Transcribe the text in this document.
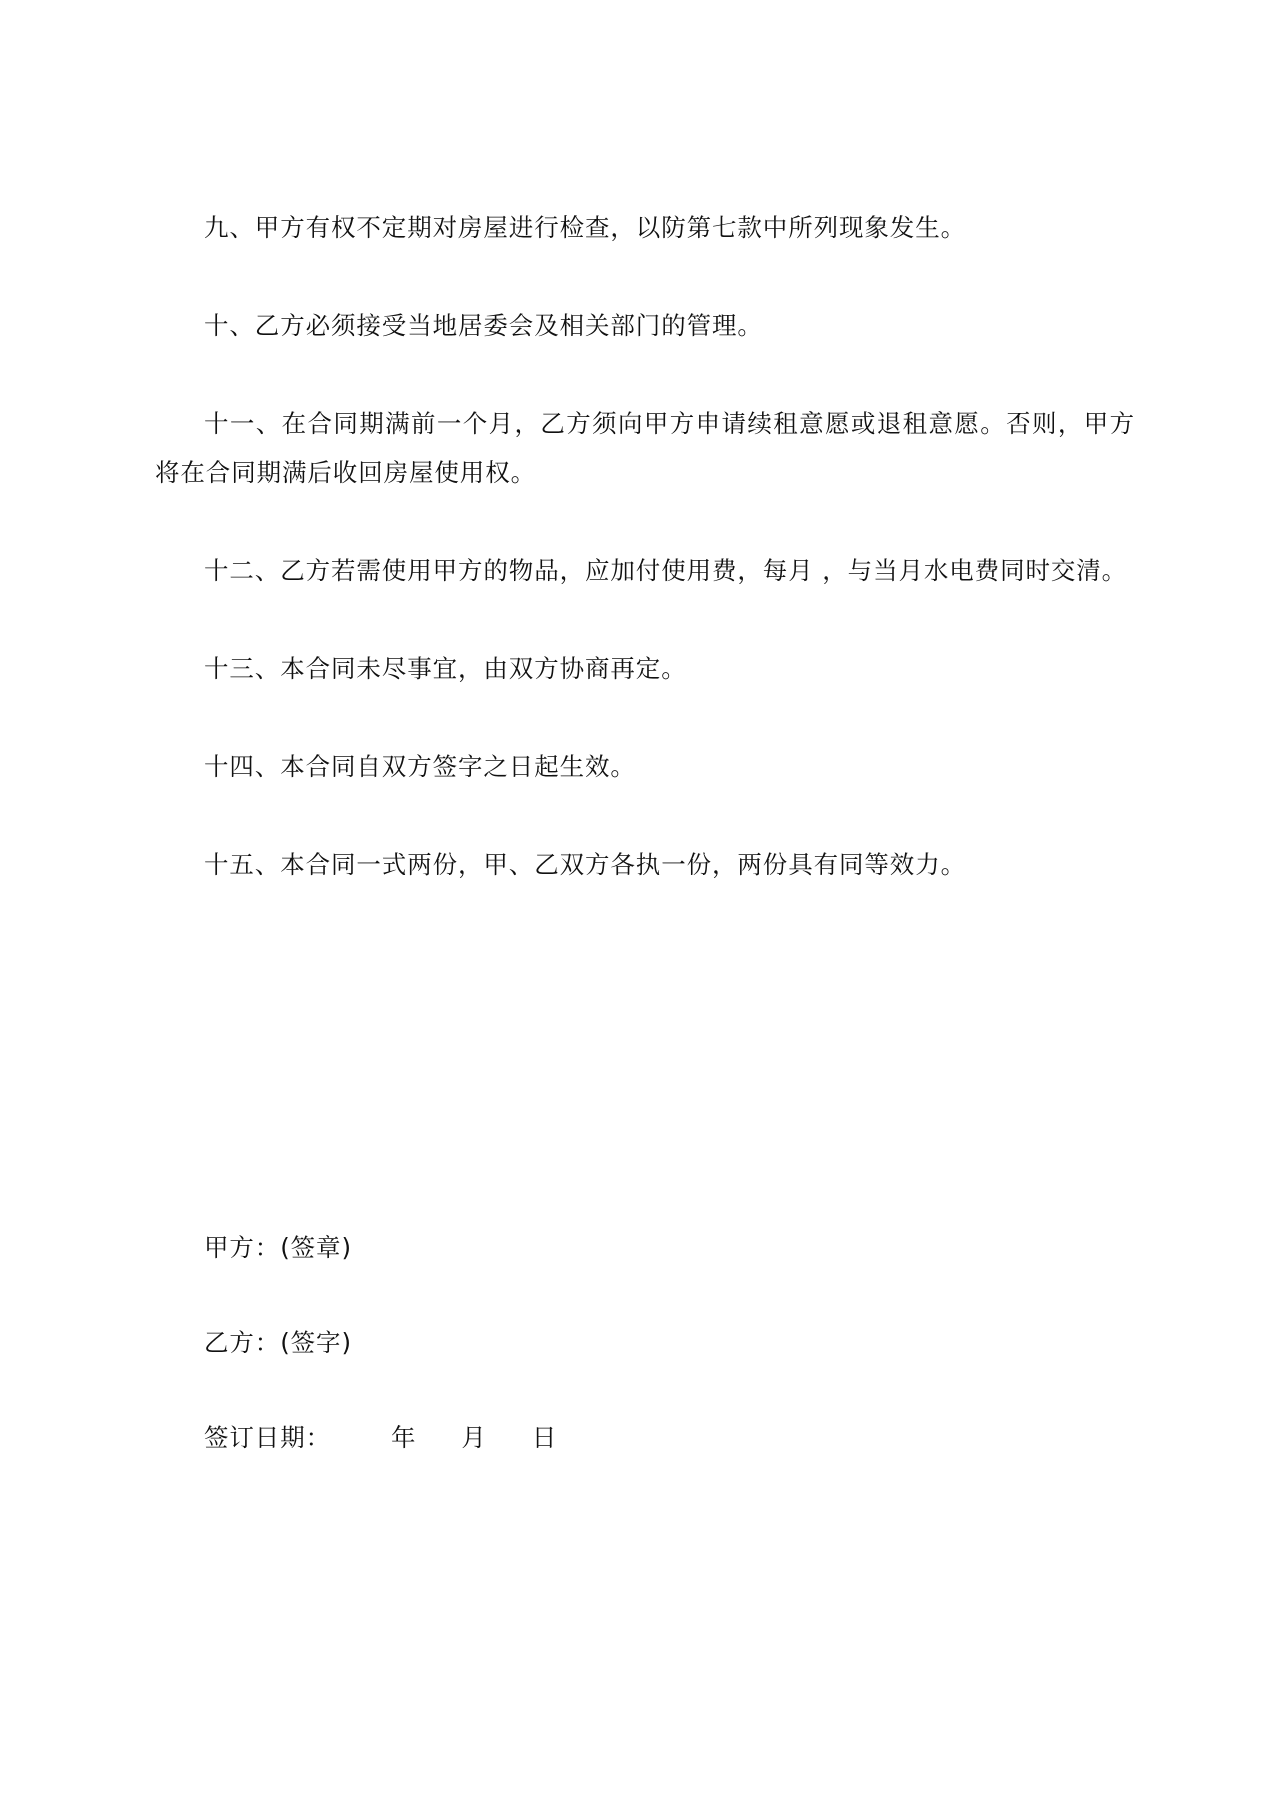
九、甲方有权不定期对房屋进行检查，以防第七款中所列现象发生。

十、乙方必须接受当地居委会及相关部门的管理。

十一、在合同期满前一个月，乙方须向甲方申请续租意愿或退租意愿。否则，甲方将在合同期满后收回房屋使用权。

十二、乙方若需使用甲方的物品，应加付使用费，每月 ，与当月水电费同时交清。

十三、本合同未尽事宜，由双方协商再定。

十四、本合同自双方签字之日起生效。

十五、本合同一式两份，甲、乙双方各执一份，两份具有同等效力。

甲方：(签章)
乙方：(签字)
签订日期： 年 月 日
